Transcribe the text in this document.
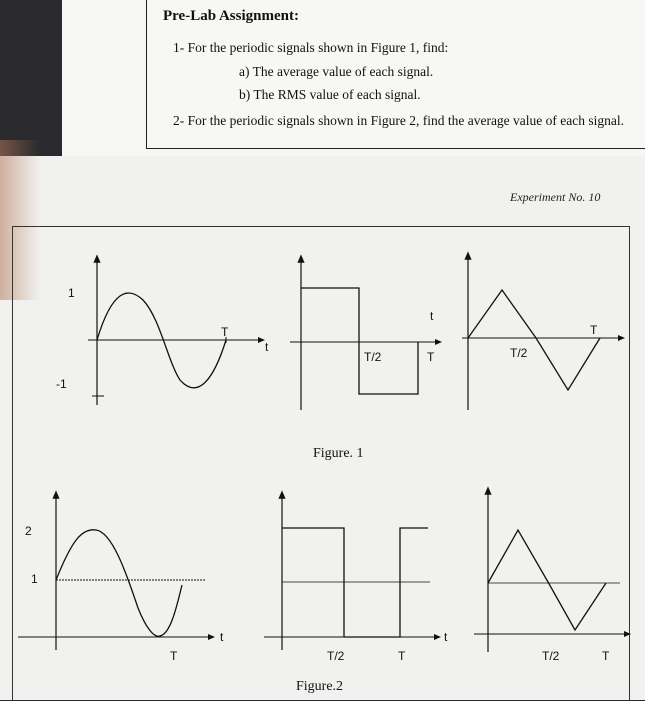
Pre-Lab Assignment:
1- For the periodic signals shown in Figure 1, find:
a) The average value of each signal.
b) The RMS value of each signal.
2- For the periodic signals shown in Figure 2, find the average value of each signal.
Experiment No. 10
1
-1
T
t
T/2	T
t
T/2
T
Figure. 1
2
1
T
t
T/2	T
t
T/2	T
Figure.2
